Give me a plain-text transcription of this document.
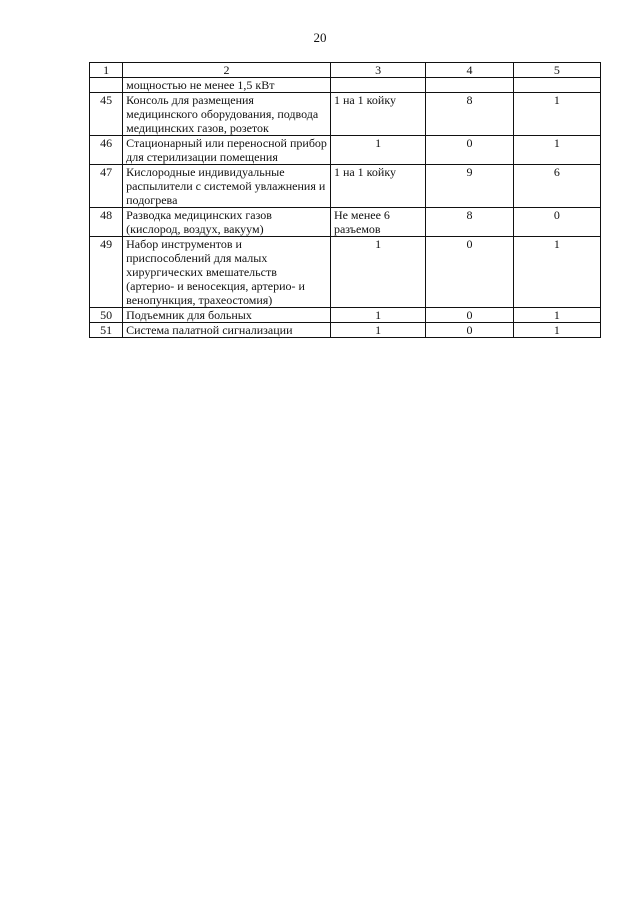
20
1	2	3	4	5
	мощностью не менее 1,5 кВт			
45	Консоль для размещения медицинского оборудования, подвода медицинских газов, розеток	1 на 1 койку	8	1
46	Стационарный или переносной прибор для стерилизации помещения	1	0	1
47	Кислородные индивидуальные распылители с системой увлажнения и подогрева	1 на 1 койку	9	6
48	Разводка медицинских газов (кислород, воздух, вакуум)	Не менее 6 разъемов	8	0
49	Набор инструментов и приспособлений для малых хирургических вмешательств (артерио- и веносекция, артерио- и венопункция, трахеостомия)	1	0	1
50	Подъемник для больных	1	0	1
51	Система палатной сигнализации	1	0	1
